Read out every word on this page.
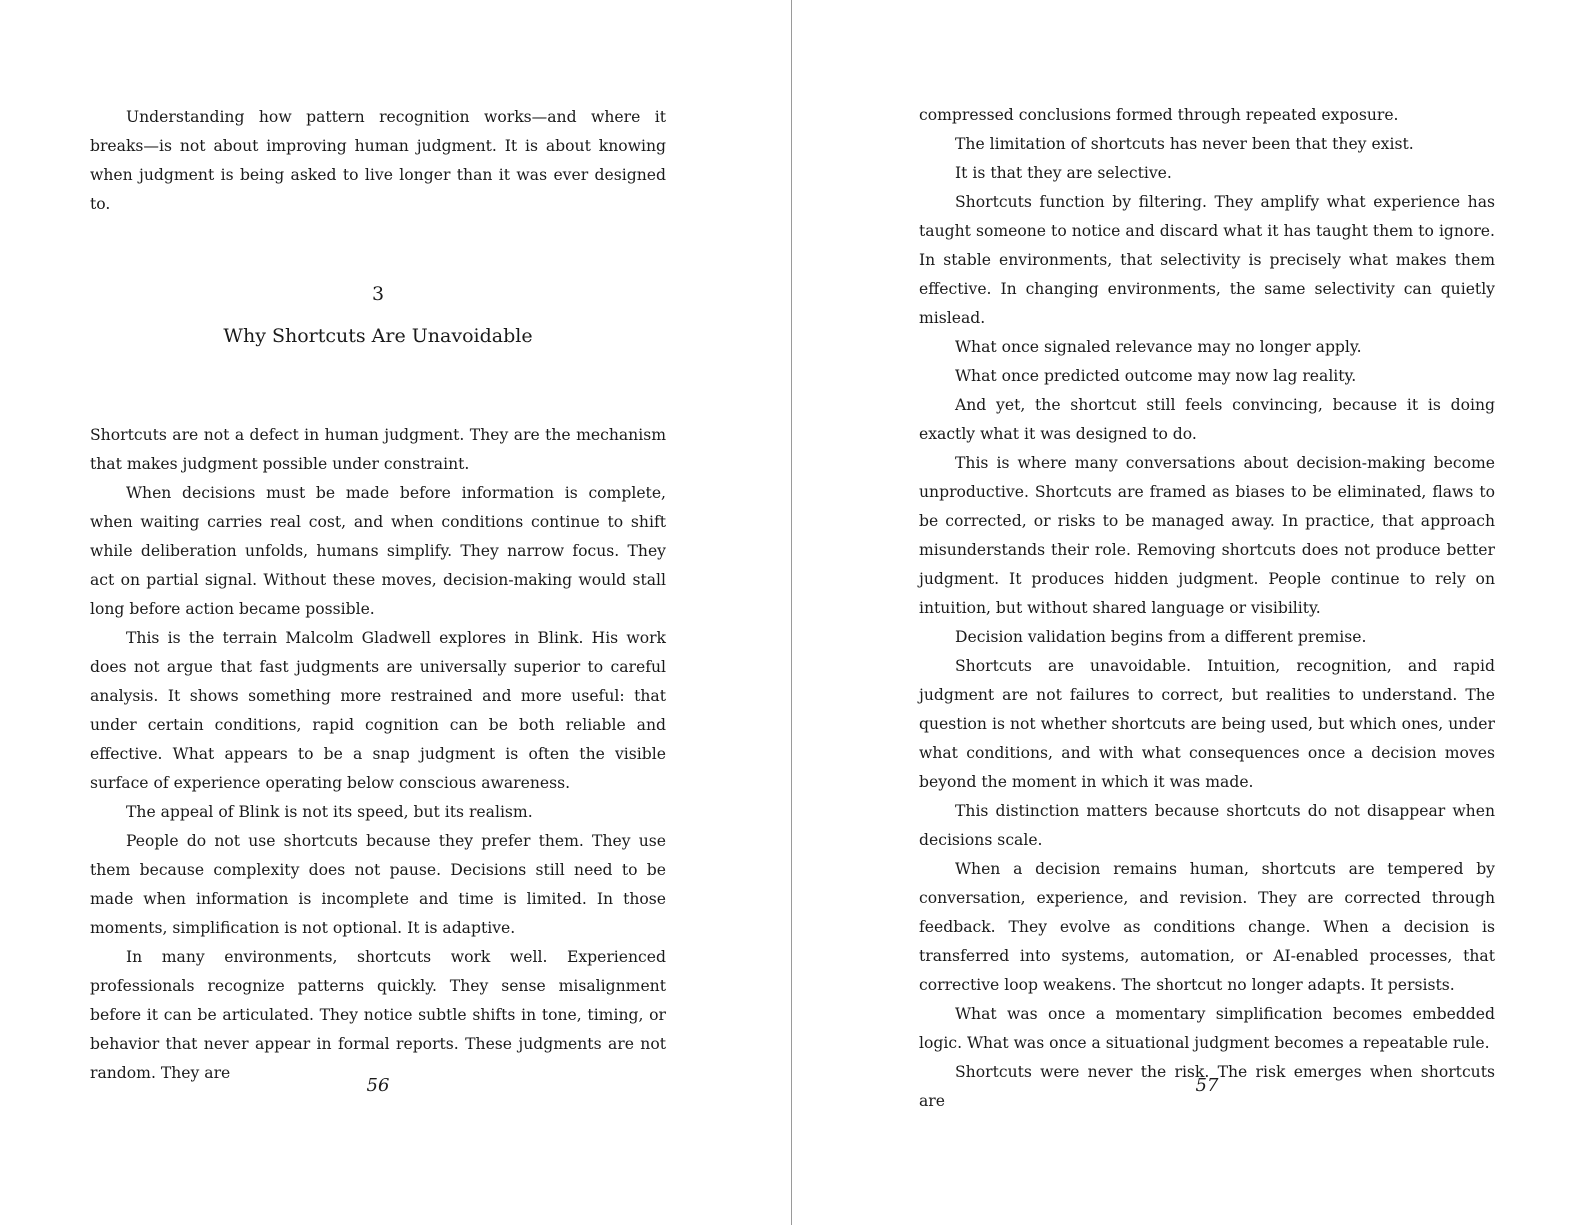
Understanding how pattern recognition works—and where it breaks—is not about improving human judgment. It is about knowing when judgment is being asked to live longer than it was ever designed to.

3
Why Shortcuts Are Unavoidable

Shortcuts are not a defect in human judgment. They are the mechanism that makes judgment possible under constraint.

When decisions must be made before information is complete, when waiting carries real cost, and when conditions continue to shift while deliberation unfolds, humans simplify. They narrow focus. They act on partial signal. Without these moves, decision-making would stall long before action became possible.

This is the terrain Malcolm Gladwell explores in Blink. His work does not argue that fast judgments are universally superior to careful analysis. It shows something more restrained and more useful: that under certain conditions, rapid cognition can be both reliable and effective. What appears to be a snap judgment is often the visible surface of experience operating below conscious awareness.

The appeal of Blink is not its speed, but its realism.

People do not use shortcuts because they prefer them. They use them because complexity does not pause. Decisions still need to be made when information is incomplete and time is limited. In those moments, simplification is not optional. It is adaptive.

In many environments, shortcuts work well. Experienced professionals recognize patterns quickly. They sense misalignment before it can be articulated. They notice subtle shifts in tone, timing, or behavior that never appear in formal reports. These judgments are not random. They are

56

compressed conclusions formed through repeated exposure.

The limitation of shortcuts has never been that they exist.

It is that they are selective.

Shortcuts function by filtering. They amplify what experience has taught someone to notice and discard what it has taught them to ignore. In stable environments, that selectivity is precisely what makes them effective. In changing environments, the same selectivity can quietly mislead.

What once signaled relevance may no longer apply.

What once predicted outcome may now lag reality.

And yet, the shortcut still feels convincing, because it is doing exactly what it was designed to do.

This is where many conversations about decision-making become unproductive. Shortcuts are framed as biases to be eliminated, flaws to be corrected, or risks to be managed away. In practice, that approach misunderstands their role. Removing shortcuts does not produce better judgment. It produces hidden judgment. People continue to rely on intuition, but without shared language or visibility.

Decision validation begins from a different premise.

Shortcuts are unavoidable. Intuition, recognition, and rapid judgment are not failures to correct, but realities to understand. The question is not whether shortcuts are being used, but which ones, under what conditions, and with what consequences once a decision moves beyond the moment in which it was made.

This distinction matters because shortcuts do not disappear when decisions scale.

When a decision remains human, shortcuts are tempered by conversation, experience, and revision. They are corrected through feedback. They evolve as conditions change. When a decision is transferred into systems, automation, or AI-enabled processes, that corrective loop weakens. The shortcut no longer adapts. It persists.

What was once a momentary simplification becomes embedded logic. What was once a situational judgment becomes a repeatable rule.

Shortcuts were never the risk. The risk emerges when shortcuts are

57
